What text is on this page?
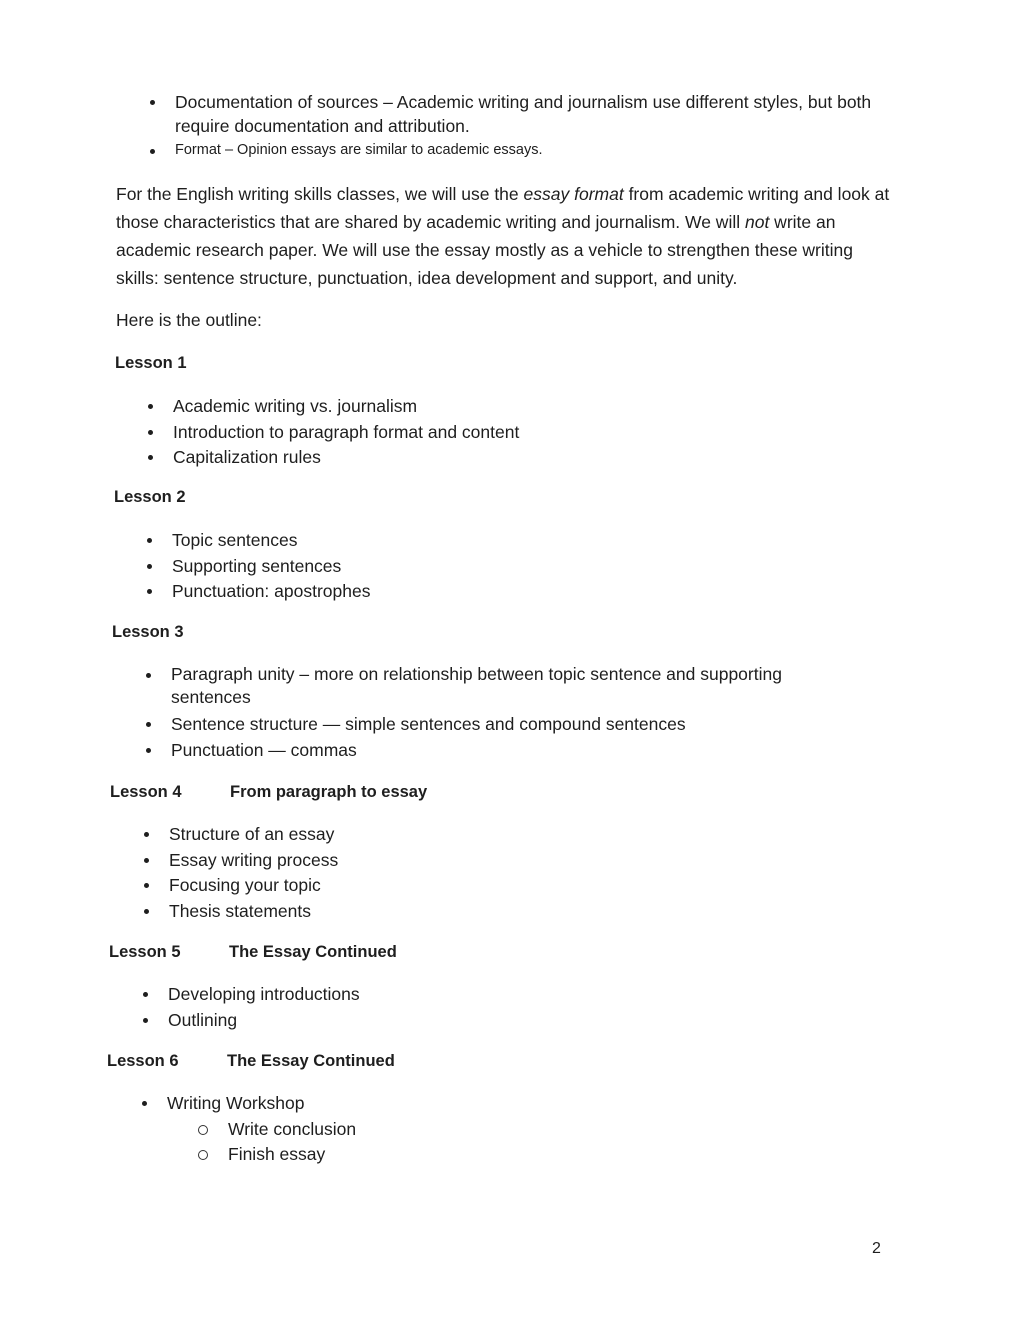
Documentation of sources – Academic writing and journalism use different styles, but both require documentation and attribution.
Format – Opinion essays are similar to academic essays.

For the English writing skills classes, we will use the essay format from academic writing and look at those characteristics that are shared by academic writing and journalism. We will not write an academic research paper. We will use the essay mostly as a vehicle to strengthen these writing skills: sentence structure, punctuation, idea development and support, and unity.

Here is the outline:
Lesson 1
Academic writing vs. journalism
Introduction to paragraph format and content
Capitalization rules
Lesson 2
Topic sentences
Supporting sentences
Punctuation: apostrophes
Lesson 3
Paragraph unity – more on relationship between topic sentence and supporting sentences
Sentence structure — simple sentences and compound sentences
Punctuation — commas
Lesson 4	From paragraph to essay
Structure of an essay
Essay writing process
Focusing your topic
Thesis statements
Lesson 5	The Essay Continued
Developing introductions
Outlining
Lesson 6	The Essay Continued
Writing Workshop
Write conclusion
Finish essay
2
